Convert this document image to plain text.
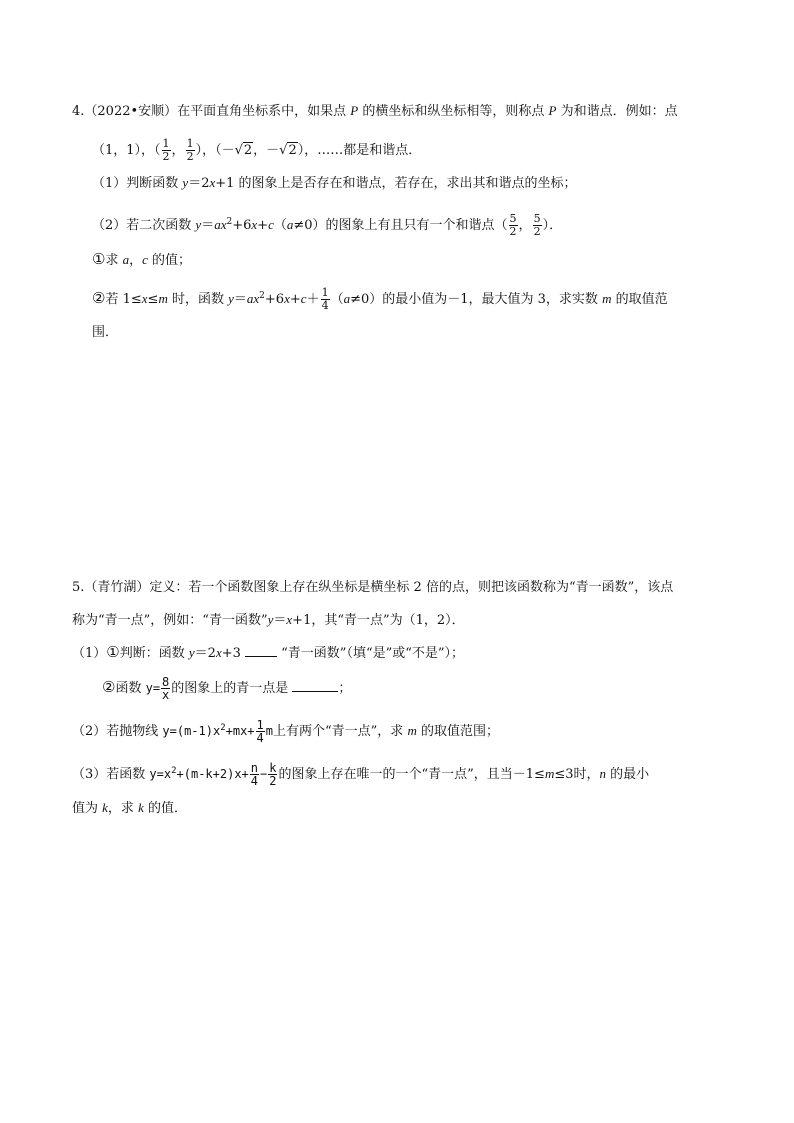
4.（2022•安顺）在平面直角坐标系中，如果点 P 的横坐标和纵坐标相等，则称点 P 为和谐点．例如：点
（1，1），（ $\frac{1}{2}$ ， $\frac{1}{2}$ ），（－√2，－√2），……都是和谐点．
（1）判断函数 y＝2x+1 的图象上是否存在和谐点，若存在，求出其和谐点的坐标；
（2）若二次函数 $y=ax^2+6x+c(a\ne 0)$的图象上有且只有一个和谐点（ $\frac{5}{2}$ ， $\frac{5}{2}$ ）．
①求 a，c 的值；
②若 1≤x≤m 时，函数 $y=ax^2+6x+c+ \frac{1}{4} (a\ne 0)$的最小值为－1，最大值为 3，求实数 m 的取值范
围．
5.（青竹湖）定义：若一个函数图象上存在纵坐标是横坐标 2 倍的点，则把该函数称为“青一函数”，该点
称为“青一点”，例如：“青一函数”y＝x+1，其“青一点”为（1，2）．
（1）①判断：函数 y＝2x+3  “青一函数”（填“是”或“不是”）；
②函数 $y= \frac{8}{x}$ 的图象上的青一点是	；
（2）若抛物线 $y=(m-1)x^2+mx+ \frac{1}{4}$ m上有两个“青一点”，求 m 的取值范围；
（3）若函数 $y=x^2+(m-k+2)x+ \frac{n}{4} - \frac{k}{2}$ 的图象上存在唯一的一个“青一点”，且当－1≤m≤3时，n 的最小
值为 k，求 k 的值．
